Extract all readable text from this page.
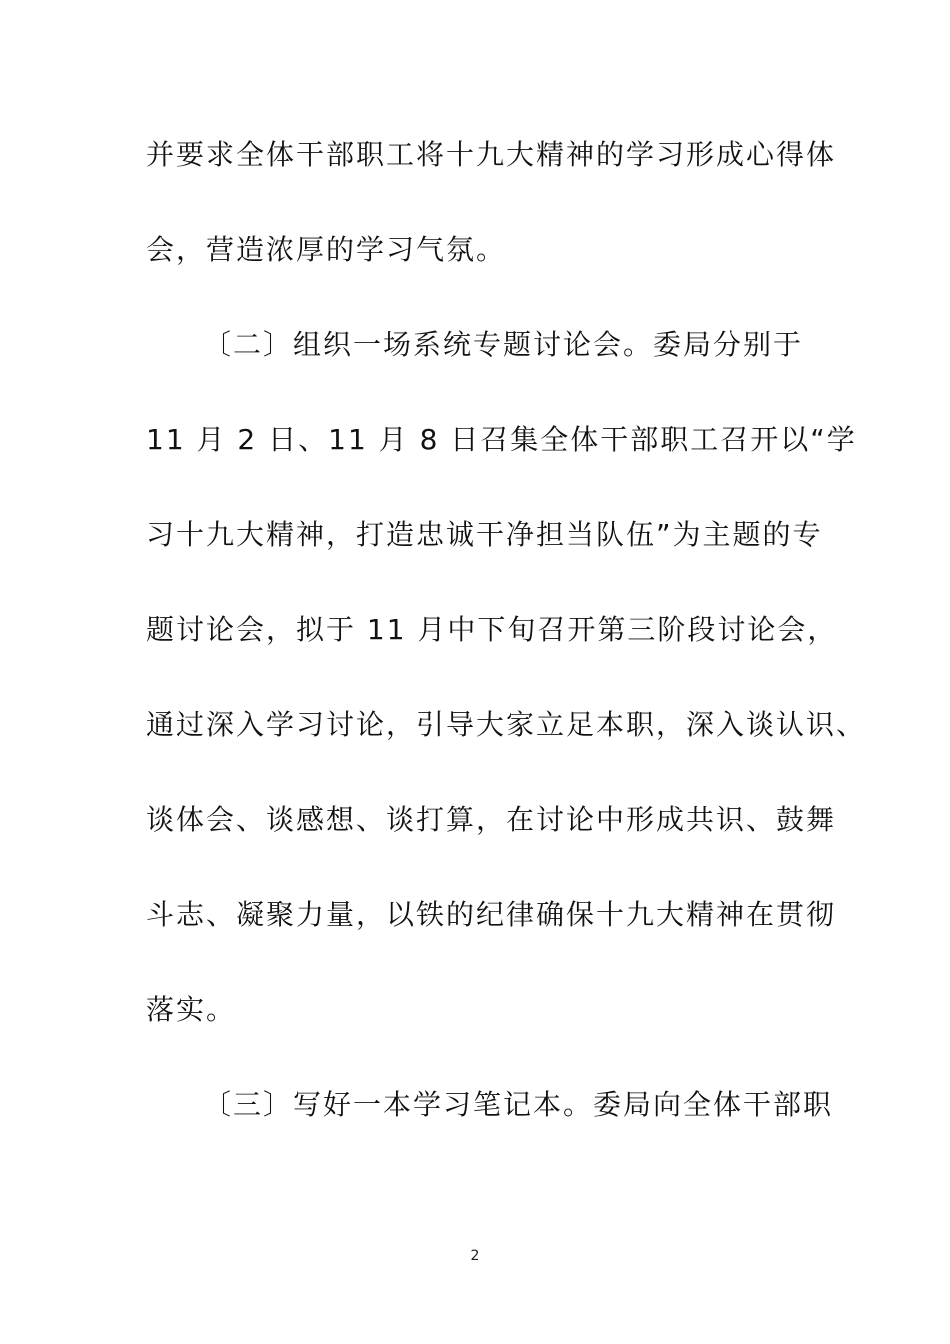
并要求全体干部职工将十九大精神的学习形成心得体
会，营造浓厚的学习气氛。
〔二〕组织一场系统专题讨论会。委局分别于
11 月 2 日、11 月 8 日召集全体干部职工召开以“学
习十九大精神，打造忠诚干净担当队伍”为主题的专
题讨论会，拟于 11 月中下旬召开第三阶段讨论会，
通过深入学习讨论，引导大家立足本职，深入谈认识、
谈体会、谈感想、谈打算，在讨论中形成共识、鼓舞
斗志、凝聚力量，以铁的纪律确保十九大精神在贯彻
落实。
〔三〕写好一本学习笔记本。委局向全体干部职
2
